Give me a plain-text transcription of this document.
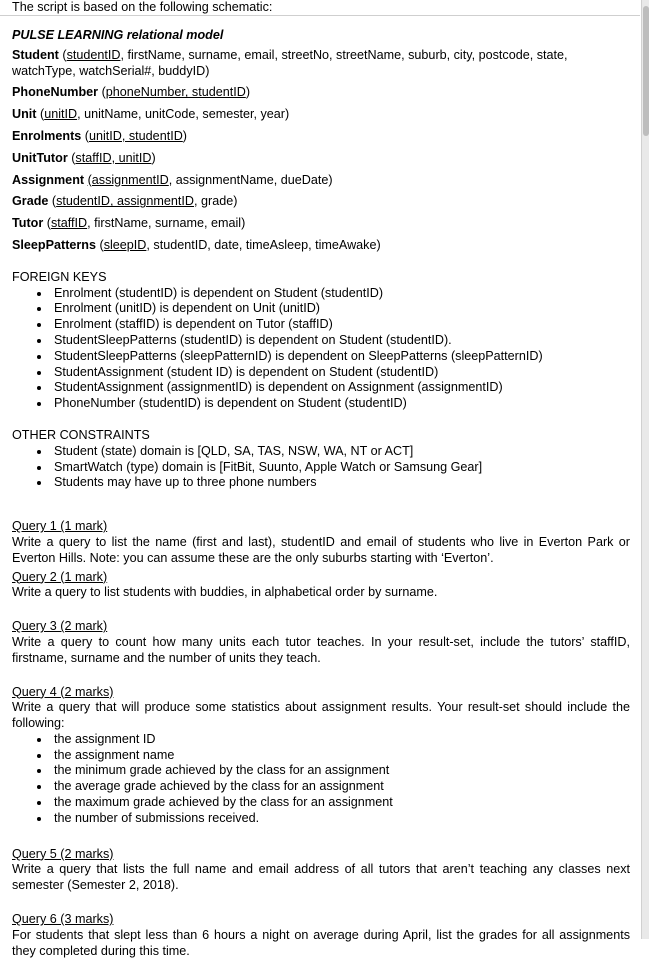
The script is based on the following schematic:
PULSE LEARNING relational model
Student (studentID, firstName, surname, email, streetNo, streetName, suburb, city, postcode, state, watchType, watchSerial#, buddyID)
PhoneNumber (phoneNumber, studentID)
Unit (unitID, unitName, unitCode, semester, year)
Enrolments (unitID, studentID)
UnitTutor (staffID, unitID)
Assignment (assignmentID, assignmentName, dueDate)
Grade (studentID, assignmentID, grade)
Tutor (staffID, firstName, surname, email)
SleepPatterns (sleepID, studentID, date, timeAsleep, timeAwake)
FOREIGN KEYS
Enrolment (studentID) is dependent on Student (studentID)
Enrolment (unitID) is dependent on Unit (unitID)
Enrolment (staffID) is dependent on Tutor (staffID)
StudentSleepPatterns (studentID) is dependent on Student (studentID).
StudentSleepPatterns (sleepPatternID) is dependent on SleepPatterns (sleepPatternID)
StudentAssignment (student ID) is dependent on Student (studentID)
StudentAssignment (assignmentID) is dependent on Assignment (assignmentID)
PhoneNumber (studentID) is dependent on Student (studentID)
OTHER CONSTRAINTS
Student (state) domain is [QLD, SA, TAS, NSW, WA, NT or ACT]
SmartWatch (type) domain is [FitBit, Suunto, Apple Watch or Samsung Gear]
Students may have up to three phone numbers
Query 1 (1 mark)
Write a query to list the name (first and last), studentID and email of students who live in Everton Park or Everton Hills. Note: you can assume these are the only suburbs starting with ‘Everton’.
Query 2 (1 mark)
Write a query to list students with buddies, in alphabetical order by surname.
Query 3 (2 mark)
Write a query to count how many units each tutor teaches. In your result-set, include the tutors’ staffID, firstname, surname and the number of units they teach.
Query 4 (2 marks)
Write a query that will produce some statistics about assignment results. Your result-set should include the following:
the assignment ID
the assignment name
the minimum grade achieved by the class for an assignment
the average grade achieved by the class for an assignment
the maximum grade achieved by the class for an assignment
the number of submissions received.
Query 5 (2 marks)
Write a query that lists the full name and email address of all tutors that aren’t teaching any classes next semester (Semester 2, 2018).
Query 6 (3 marks)
For students that slept less than 6 hours a night on average during April, list the grades for all assignments they completed during this time.
